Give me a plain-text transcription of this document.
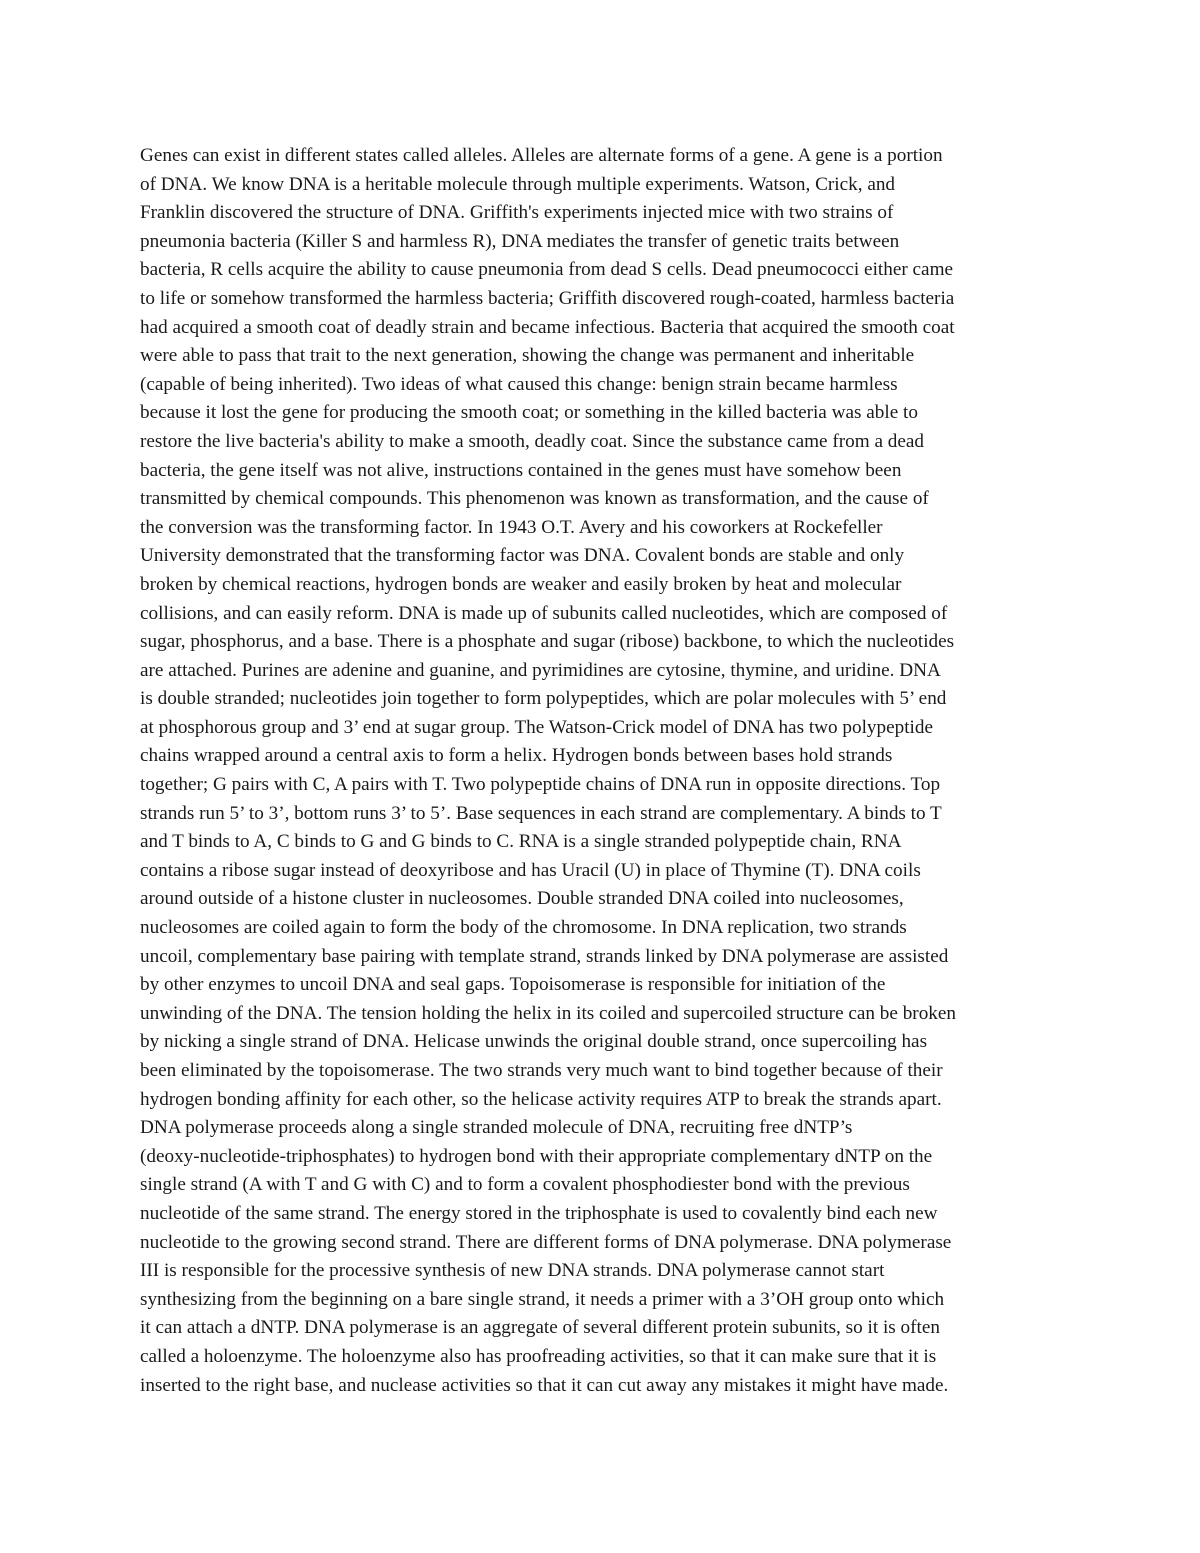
Genes can exist in different states called alleles. Alleles are alternate forms of a gene. A gene is a portion
of DNA. We know DNA is a heritable molecule through multiple experiments. Watson, Crick, and
Franklin discovered the structure of DNA. Griffith's experiments injected mice with two strains of
pneumonia bacteria (Killer S and harmless R), DNA mediates the transfer of genetic traits between
bacteria, R cells acquire the ability to cause pneumonia from dead S cells. Dead pneumococci either came
to life or somehow transformed the harmless bacteria; Griffith discovered rough-coated, harmless bacteria
had acquired a smooth coat of deadly strain and became infectious. Bacteria that acquired the smooth coat
were able to pass that trait to the next generation, showing the change was permanent and inheritable
(capable of being inherited). Two ideas of what caused this change: benign strain became harmless
because it lost the gene for producing the smooth coat; or something in the killed bacteria was able to
restore the live bacteria's ability to make a smooth, deadly coat. Since the substance came from a dead
bacteria, the gene itself was not alive, instructions contained in the genes must have somehow been
transmitted by chemical compounds. This phenomenon was known as transformation, and the cause of
the conversion was the transforming factor. In 1943 O.T. Avery and his coworkers at Rockefeller
University demonstrated that the transforming factor was DNA. Covalent bonds are stable and only
broken by chemical reactions, hydrogen bonds are weaker and easily broken by heat and molecular
collisions, and can easily reform. DNA is made up of subunits called nucleotides, which are composed of
sugar, phosphorus, and a base. There is a phosphate and sugar (ribose) backbone, to which the nucleotides
are attached. Purines are adenine and guanine, and pyrimidines are cytosine, thymine, and uridine. DNA
is double stranded; nucleotides join together to form polypeptides, which are polar molecules with 5’ end
at phosphorous group and 3’ end at sugar group. The Watson-Crick model of DNA has two polypeptide
chains wrapped around a central axis to form a helix. Hydrogen bonds between bases hold strands
together; G pairs with C, A pairs with T. Two polypeptide chains of DNA run in opposite directions. Top
strands run 5’ to 3’, bottom runs 3’ to 5’. Base sequences in each strand are complementary. A binds to T
and T binds to A, C binds to G and G binds to C. RNA is a single stranded polypeptide chain, RNA
contains a ribose sugar instead of deoxyribose and has Uracil (U) in place of Thymine (T). DNA coils
around outside of a histone cluster in nucleosomes. Double stranded DNA coiled into nucleosomes,
nucleosomes are coiled again to form the body of the chromosome. In DNA replication, two strands
uncoil, complementary base pairing with template strand, strands linked by DNA polymerase are assisted
by other enzymes to uncoil DNA and seal gaps. Topoisomerase is responsible for initiation of the
unwinding of the DNA. The tension holding the helix in its coiled and supercoiled structure can be broken
by nicking a single strand of DNA. Helicase unwinds the original double strand, once supercoiling has
been eliminated by the topoisomerase. The two strands very much want to bind together because of their
hydrogen bonding affinity for each other, so the helicase activity requires ATP to break the strands apart.
DNA polymerase proceeds along a single stranded molecule of DNA, recruiting free dNTP’s
(deoxy-nucleotide-triphosphates) to hydrogen bond with their appropriate complementary dNTP on the
single strand (A with T and G with C) and to form a covalent phosphodiester bond with the previous
nucleotide of the same strand. The energy stored in the triphosphate is used to covalently bind each new
nucleotide to the growing second strand. There are different forms of DNA polymerase. DNA polymerase
III is responsible for the processive synthesis of new DNA strands. DNA polymerase cannot start
synthesizing from the beginning on a bare single strand, it needs a primer with a 3’OH group onto which
it can attach a dNTP. DNA polymerase is an aggregate of several different protein subunits, so it is often
called a holoenzyme. The holoenzyme also has proofreading activities, so that it can make sure that it is
inserted to the right base, and nuclease activities so that it can cut away any mistakes it might have made.
